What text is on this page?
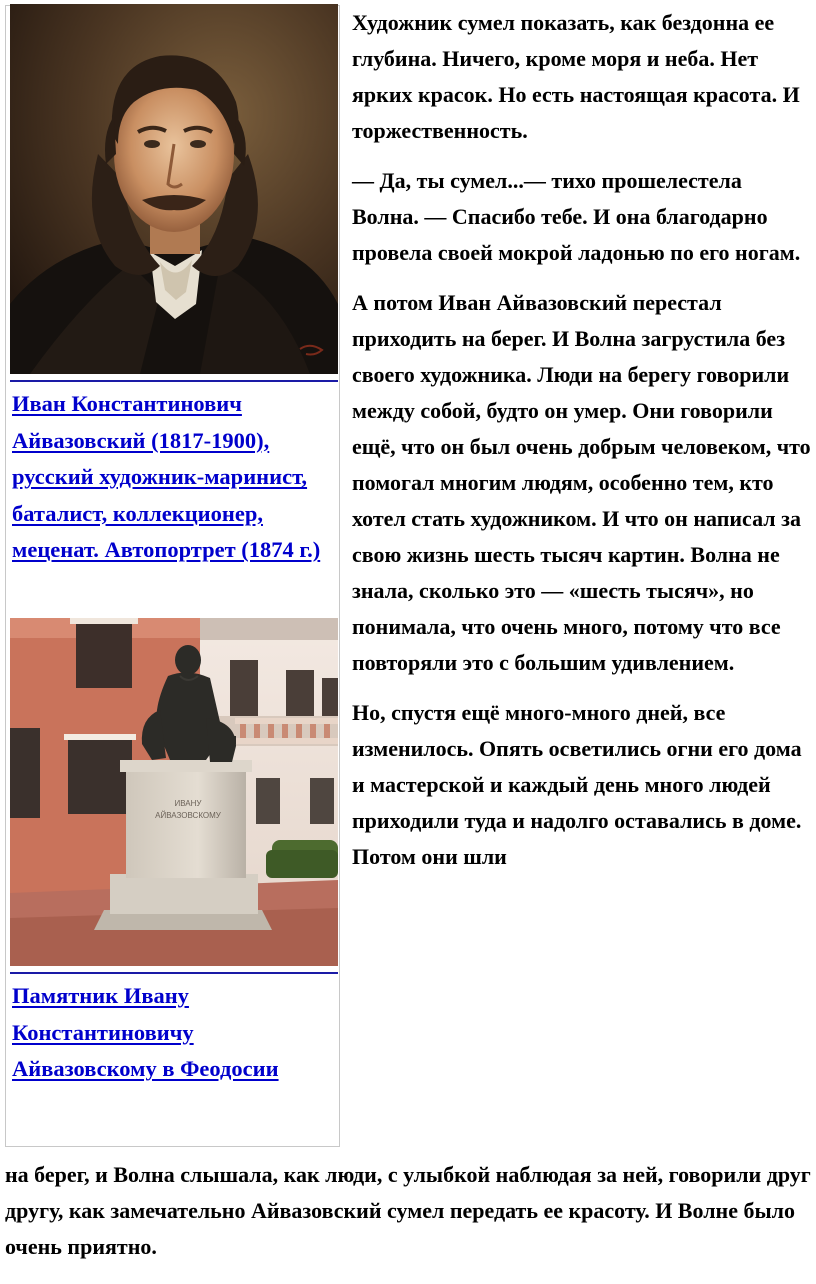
Иван Константинович Айвазовский (1817-1900), русский художник-маринист, баталист, коллекционер, меценат. Автопортрет (1874 г.)

ИВАНУ
АЙВАЗОВСКОМУ

Памятник Ивану Константиновичу Айвазовскому в Феодосии

Художник сумел показать, как бездонна ее глубина. Ничего, кроме моря и неба. Нет ярких красок. Но есть настоящая красота. И торжественность.

— Да, ты сумел...— тихо прошелестела Волна. — Спасибо тебе. И она благодарно провела своей мокрой ладонью по его ногам.

А потом Иван Айвазовский перестал приходить на берег. И Волна загрустила без своего художника. Люди на берегу говорили между собой, будто он умер. Они говорили ещё, что он был очень добрым человеком, что помогал многим людям, особенно тем, кто хотел стать художником. И что он написал за свою жизнь шесть тысяч картин. Волна не знала, сколько это — «шесть тысяч», но понимала, что очень много, потому что все повторяли это с большим удивлением.

Но, спустя ещё много-много дней, все изменилось. Опять осветились огни его дома и мастерской и каждый день много людей приходили туда и надолго оставались в доме. Потом они шли

на берег, и Волна слышала, как люди, с улыбкой наблюдая за ней, говорили друг другу, как замечательно Айвазовский сумел передать ее красоту. И Волне было очень приятно.
